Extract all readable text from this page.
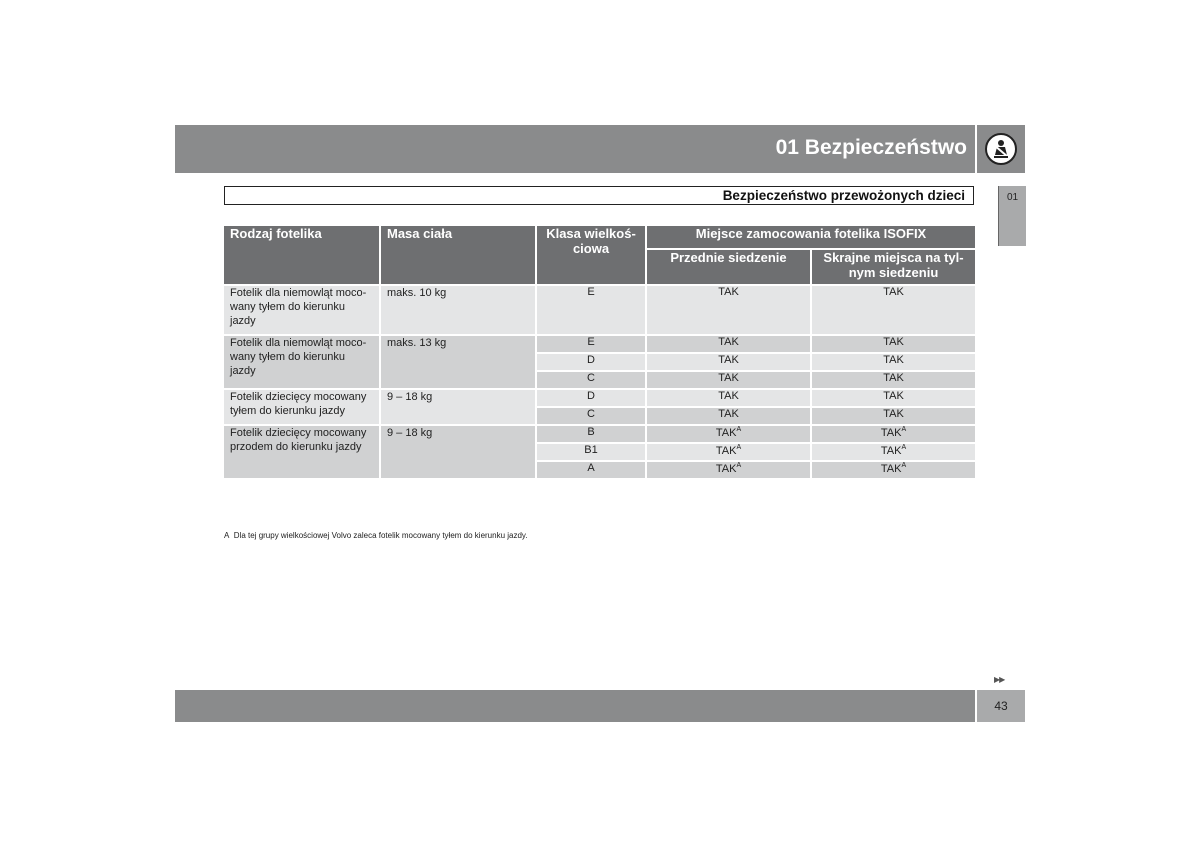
01 Bezpieczeństwo
01
Bezpieczeństwo przewożonych dzieci
Rodzaj fotelika	Masa ciała	Klasa wielkoś-ciowa	Miejsce zamocowania fotelika ISOFIX	
			Przednie siedzenie	Skrajne miejsca na tyl-nym siedzeniu
Fotelik dla niemowląt moco-wany tyłem do kierunku jazdy	maks. 10 kg	E	TAK	TAK
Fotelik dla niemowląt moco-wany tyłem do kierunku jazdy	maks. 13 kg	E	TAK	TAK
		D	TAK	TAK
		C	TAK	TAK
Fotelik dziecięcy mocowany tyłem do kierunku jazdy	9 – 18 kg	D	TAK	TAK
		C	TAK	TAK
Fotelik dziecięcy mocowany przodem do kierunku jazdy	9 – 18 kg	B	$TAK^A$	$TAK^A$
		B1	$TAK^A$	$TAK^A$
		A	$TAK^A$	$TAK^A$
A Dla tej grupy wielkościowej Volvo zaleca fotelik mocowany tyłem do kierunku jazdy.
▶▶
43
